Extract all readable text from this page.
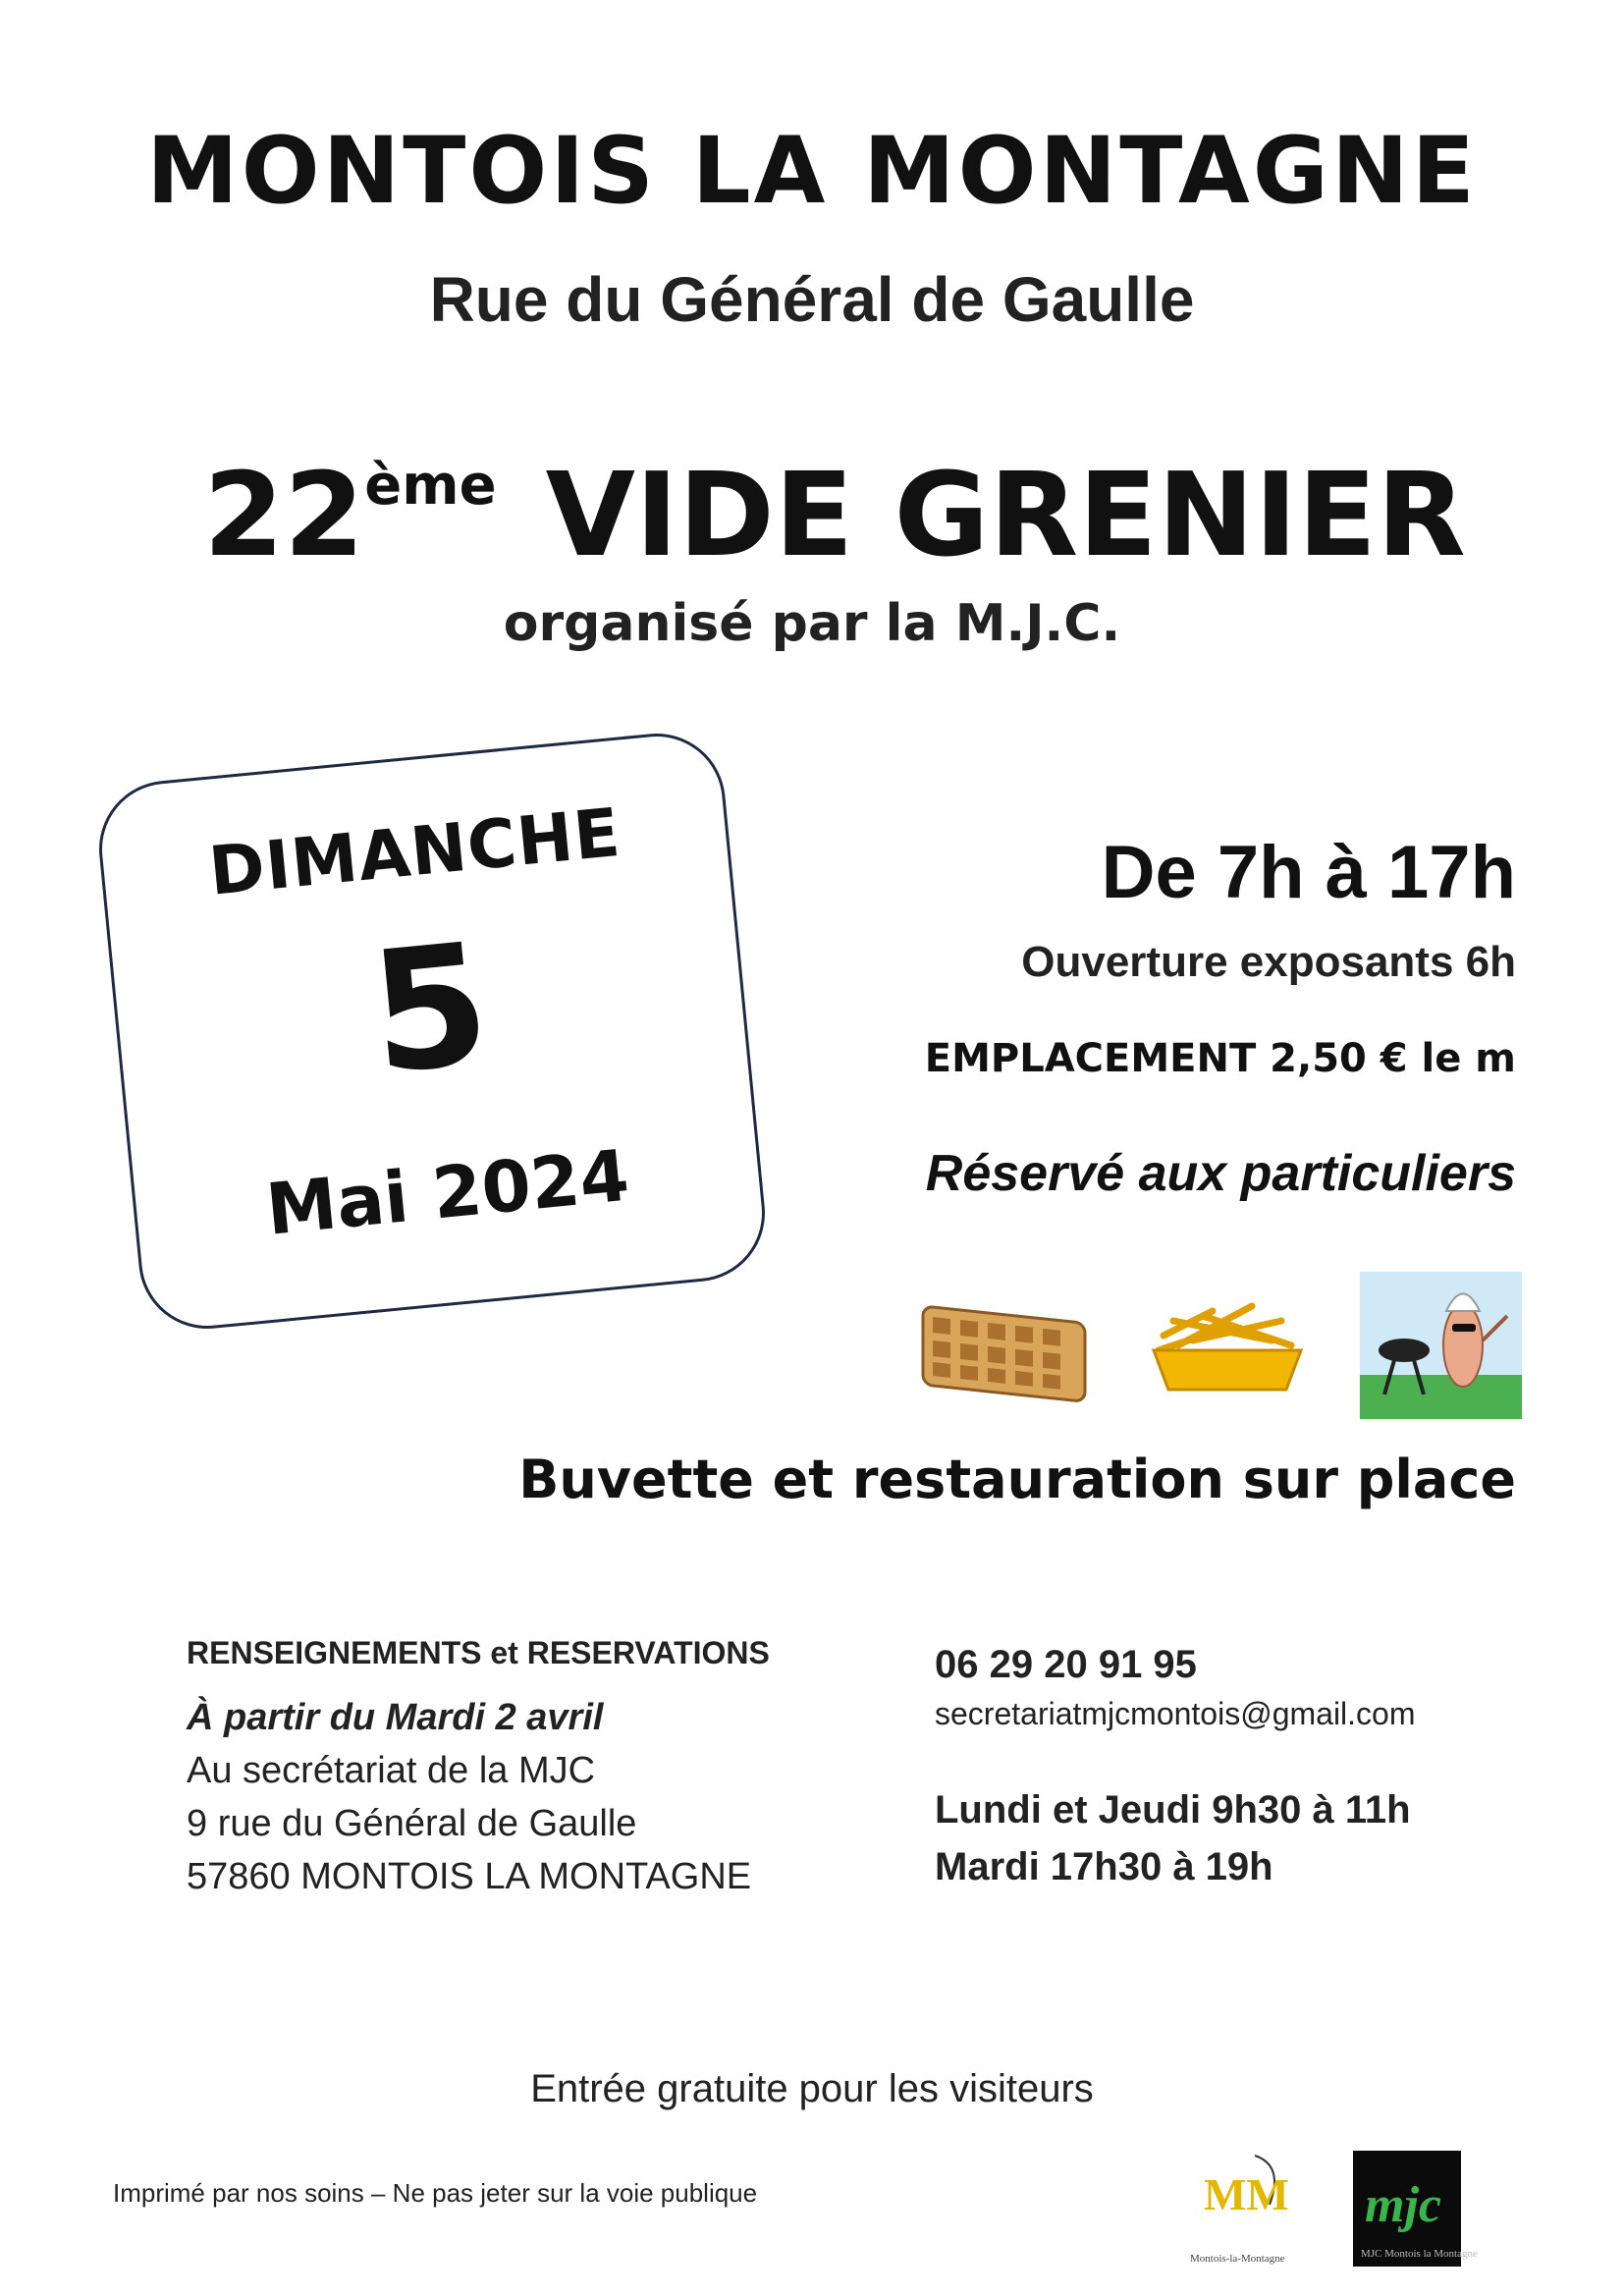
MONTOIS LA MONTAGNE
Rue du Général de Gaulle
22ème VIDE GRENIER
organisé par la M.J.C.
DIMANCHE
5
Mai 2024
De 7h à 17h
Ouverture exposants 6h
EMPLACEMENT 2,50 € le m
Réservé aux particuliers
Buvette et restauration sur place
RENSEIGNEMENTS et RESERVATIONS
À partir du Mardi 2 avril
Au secrétariat de la MJC
9 rue du Général de Gaulle
57860 MONTOIS LA MONTAGNE
06 29 20 91 95
secretariatmjcmontois@gmail.com
Lundi et Jeudi 9h30 à 11h
Mardi 17h30 à 19h
Entrée gratuite pour les visiteurs
Imprimé par nos soins – Ne pas jeter sur la voie publique	MM
Montois-la-Montagne
mjc
MJC Montois la Montagne
